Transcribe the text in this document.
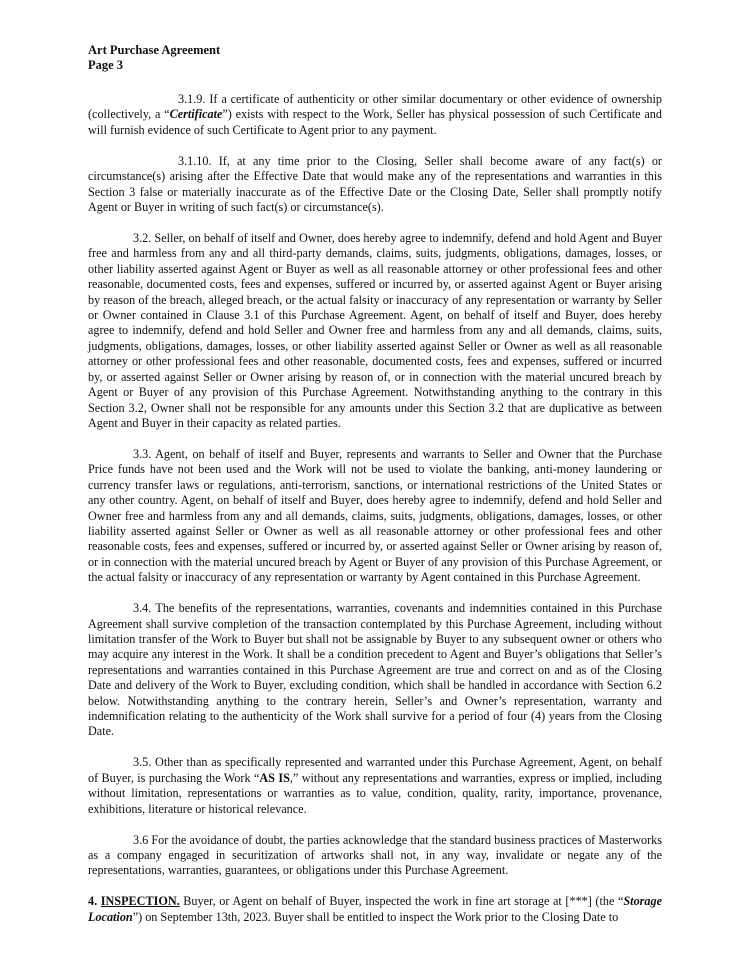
Art Purchase Agreement
Page 3

3.1.9. If a certificate of authenticity or other similar documentary or other evidence of ownership (collectively, a “Certificate”) exists with respect to the Work, Seller has physical possession of such Certificate and will furnish evidence of such Certificate to Agent prior to any payment.

3.1.10. If, at any time prior to the Closing, Seller shall become aware of any fact(s) or circumstance(s) arising after the Effective Date that would make any of the representations and warranties in this Section 3 false or materially inaccurate as of the Effective Date or the Closing Date, Seller shall promptly notify Agent or Buyer in writing of such fact(s) or circumstance(s).

3.2. Seller, on behalf of itself and Owner, does hereby agree to indemnify, defend and hold Agent and Buyer free and harmless from any and all third-party demands, claims, suits, judgments, obligations, damages, losses, or other liability asserted against Agent or Buyer as well as all reasonable attorney or other professional fees and other reasonable, documented costs, fees and expenses, suffered or incurred by, or asserted against Agent or Buyer arising by reason of the breach, alleged breach, or the actual falsity or inaccuracy of any representation or warranty by Seller or Owner contained in Clause 3.1 of this Purchase Agreement. Agent, on behalf of itself and Buyer, does hereby agree to indemnify, defend and hold Seller and Owner free and harmless from any and all demands, claims, suits, judgments, obligations, damages, losses, or other liability asserted against Seller or Owner as well as all reasonable attorney or other professional fees and other reasonable, documented costs, fees and expenses, suffered or incurred by, or asserted against Seller or Owner arising by reason of, or in connection with the material uncured breach by Agent or Buyer of any provision of this Purchase Agreement. Notwithstanding anything to the contrary in this Section 3.2, Owner shall not be responsible for any amounts under this Section 3.2 that are duplicative as between Agent and Buyer in their capacity as related parties.

3.3. Agent, on behalf of itself and Buyer, represents and warrants to Seller and Owner that the Purchase Price funds have not been used and the Work will not be used to violate the banking, anti-money laundering or currency transfer laws or regulations, anti-terrorism, sanctions, or international restrictions of the United States or any other country. Agent, on behalf of itself and Buyer, does hereby agree to indemnify, defend and hold Seller and Owner free and harmless from any and all demands, claims, suits, judgments, obligations, damages, losses, or other liability asserted against Seller or Owner as well as all reasonable attorney or other professional fees and other reasonable costs, fees and expenses, suffered or incurred by, or asserted against Seller or Owner arising by reason of, or in connection with the material uncured breach by Agent or Buyer of any provision of this Purchase Agreement, or the actual falsity or inaccuracy of any representation or warranty by Agent contained in this Purchase Agreement.

3.4. The benefits of the representations, warranties, covenants and indemnities contained in this Purchase Agreement shall survive completion of the transaction contemplated by this Purchase Agreement, including without limitation transfer of the Work to Buyer but shall not be assignable by Buyer to any subsequent owner or others who may acquire any interest in the Work. It shall be a condition precedent to Agent and Buyer’s obligations that Seller’s representations and warranties contained in this Purchase Agreement are true and correct on and as of the Closing Date and delivery of the Work to Buyer, excluding condition, which shall be handled in accordance with Section 6.2 below. Notwithstanding anything to the contrary herein, Seller’s and Owner’s representation, warranty and indemnification relating to the authenticity of the Work shall survive for a period of four (4) years from the Closing Date.

3.5. Other than as specifically represented and warranted under this Purchase Agreement, Agent, on behalf of Buyer, is purchasing the Work “AS IS,” without any representations and warranties, express or implied, including without limitation, representations or warranties as to value, condition, quality, rarity, importance, provenance, exhibitions, literature or historical relevance.

3.6 For the avoidance of doubt, the parties acknowledge that the standard business practices of Masterworks as a company engaged in securitization of artworks shall not, in any way, invalidate or negate any of the representations, warranties, guarantees, or obligations under this Purchase Agreement.

4. INSPECTION. Buyer, or Agent on behalf of Buyer, inspected the work in fine art storage at [***] (the “Storage Location”) on September 13th, 2023. Buyer shall be entitled to inspect the Work prior to the Closing Date to
